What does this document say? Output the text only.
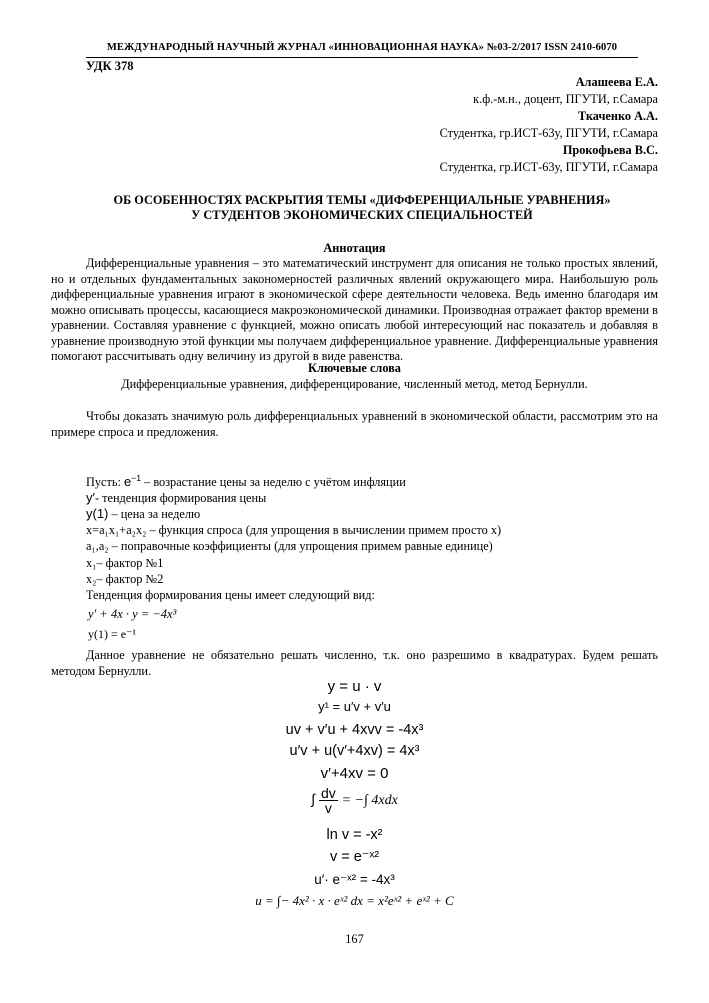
МЕЖДУНАРОДНЫЙ НАУЧНЫЙ ЖУРНАЛ «ИННОВАЦИОННАЯ НАУКА» №03-2/2017 ISSN 2410-6070
УДК 378
Алашеева Е.А.
к.ф.-м.н., доцент, ПГУТИ, г.Самара
Ткаченко А.А.
Студентка, гр.ИСТ-63у, ПГУТИ, г.Самара
Прокофьева В.С.
Студентка, гр.ИСТ-63у, ПГУТИ, г.Самара
ОБ ОСОБЕННОСТЯХ РАСКРЫТИЯ ТЕМЫ «ДИФФЕРЕНЦИАЛЬНЫЕ УРАВНЕНИЯ»
У СТУДЕНТОВ ЭКОНОМИЧЕСКИХ СПЕЦИАЛЬНОСТЕЙ
Аннотация

Дифференциальные уравнения – это математический инструмент для описания не только простых явлений, но и отдельных фундаментальных закономерностей различных явлений окружающего мира. Наибольшую роль дифференциальные уравнения играют в экономической сфере деятельности человека. Ведь именно благодаря им можно описывать процессы, касающиеся макроэкономической динамики. Производная отражает фактор времени в уравнении. Составляя уравнение с функцией, можно описать любой интересующий нас показатель и добавляя в уравнение производную этой функции мы получаем дифференциальное уравнение. Дифференциальные уравнения помогают рассчитывать одну величину из другой в виде равенства.

Ключевые слова
Дифференциальные уравнения, дифференцирование, численный метод, метод Бернулли.

Чтобы доказать значимую роль дифференциальных уравнений в экономической области, рассмотрим это на примере спроса и предложения.

Пусть: $e^{-1}$ – возрастание цены за неделю с учётом инфляции
y′- тенденция формирования цены
y(1) – цена за неделю
x=a₁x₁+a₂x₂ – функция спроса (для упрощения в вычислении примем просто x)
a₁,a₂ – поправочные коэффициенты (для упрощения примем равные единице)
x₁– фактор №1
x₂– фактор №2
Тенденция формирования цены имеет следующий вид:
y′ + 4x · y = −4x³
y(1) = e⁻¹

Данное уравнение не обязательно решать численно, т.к. оно разрешимо в квадратурах. Будем решать методом Бернулли.

y = u · v
y¹ = u′v + v′u
uv + v′u + 4xvv = -4x³
u′v + u(v′+4xv) = 4x³
v′+4xv = 0
∫ $\frac{dv}{v}$ = −∫ 4xdx
ln v = -x²
v = e⁻ˣ²
u′· e⁻ˣ² = -4x³
u = ∫− 4x² · x · eˣ² dx = x²eˣ² + eˣ² + C
167
